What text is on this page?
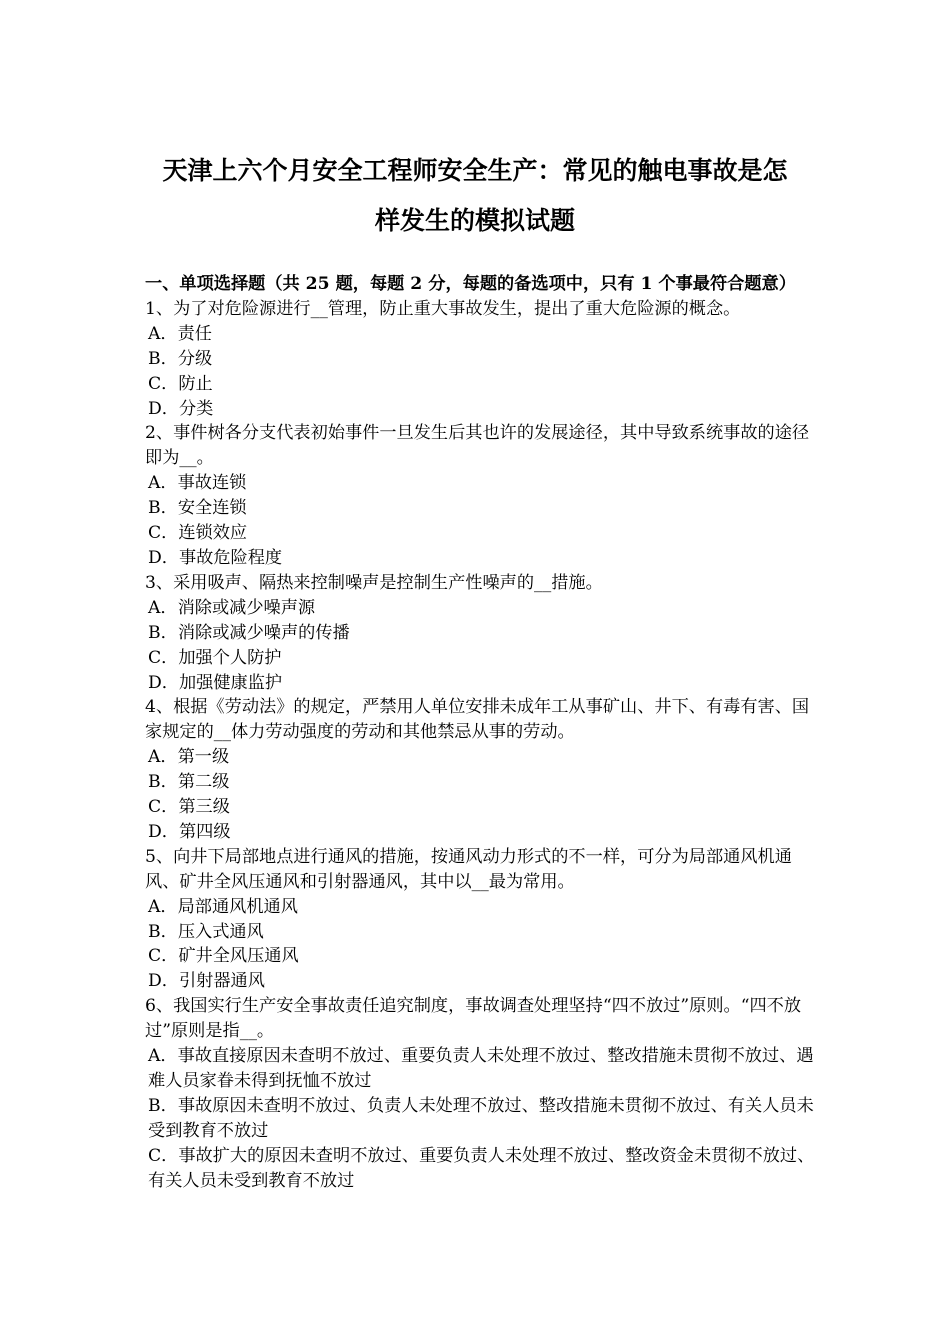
天津上六个月安全工程师安全生产：常见的触电事故是怎
样发生的模拟试题

一、单项选择题（共 25 题，每题 2 分，每题的备选项中，只有 1 个事最符合题意）

1、为了对危险源进行__管理，防止重大事故发生，提出了重大危险源的概念。

A．责任

B．分级

C．防止

D．分类

2、事件树各分支代表初始事件一旦发生后其也许的发展途径，其中导致系统事故的途径即为__。

A．事故连锁

B．安全连锁

C．连锁效应

D．事故危险程度

3、采用吸声、隔热来控制噪声是控制生产性噪声的__措施。

A．消除或减少噪声源

B．消除或减少噪声的传播

C．加强个人防护

D．加强健康监护

4、根据《劳动法》的规定，严禁用人单位安排未成年工从事矿山、井下、有毒有害、国家规定的__体力劳动强度的劳动和其他禁忌从事的劳动。

A．第一级

B．第二级

C．第三级

D．第四级

5、向井下局部地点进行通风的措施，按通风动力形式的不一样，可分为局部通风机通风、矿井全风压通风和引射器通风，其中以__最为常用。

A．局部通风机通风

B．压入式通风

C．矿井全风压通风

D．引射器通风

6、我国实行生产安全事故责任追究制度，事故调查处理坚持“四不放过”原则。“四不放过”原则是指__。

A．事故直接原因未查明不放过、重要负责人未处理不放过、整改措施未贯彻不放过、遇难人员家眷未得到抚恤不放过

B．事故原因未查明不放过、负责人未处理不放过、整改措施未贯彻不放过、有关人员未受到教育不放过

C．事故扩大的原因未查明不放过、重要负责人未处理不放过、整改资金未贯彻不放过、有关人员未受到教育不放过
